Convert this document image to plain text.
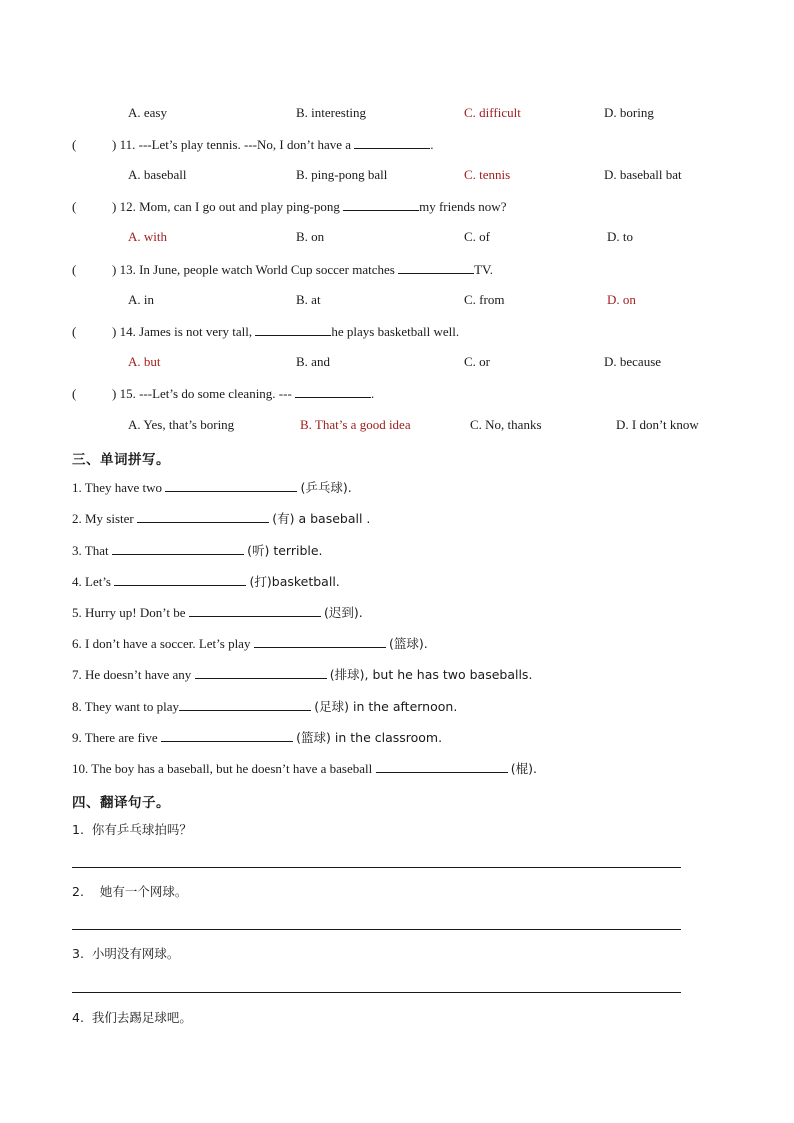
A. easy	B. interesting	C. difficult	D. boring
(	) 11. ---Let’s play tennis. ---No, I don’t have a	.
A. baseball	B. ping-pong ball	C. tennis	D. baseball bat
(	) 12. Mom, can I go out and play ping-pong	my friends now?
A. with	B. on	C. of	D. to
(	) 13. In June, people watch World Cup soccer matches	TV.
A. in	B. at	C. from	D. on
(	) 14. James is not very tall,	he plays basketball well.
A. but	B. and	C. or	D. because
(	) 15. ---Let’s do some cleaning. ---	.
A. Yes, that’s boring	B. That’s a good idea	C. No, thanks	D. I don’t know
三、单词拼写。
1. They have two	(乒乓球).
2. My sister	(有) a baseball .
3. That	(听) terrible.
4. Let’s	(打)basketball.
5. Hurry up! Don’t be	(迟到).
6. I don’t have a soccer. Let’s play	(篮球).
7. He doesn’t have any	(排球), but he has two baseballs.
8. They want to play	(足球) in the afternoon.
9. There are five	(篮球) in the classroom.
10. The boy has a baseball, but he doesn’t have a baseball	(棍).
四、翻译句子。
1. 你有乒乓球拍吗？
2. 她有一个网球。
3. 小明没有网球。
4. 我们去踢足球吧。
